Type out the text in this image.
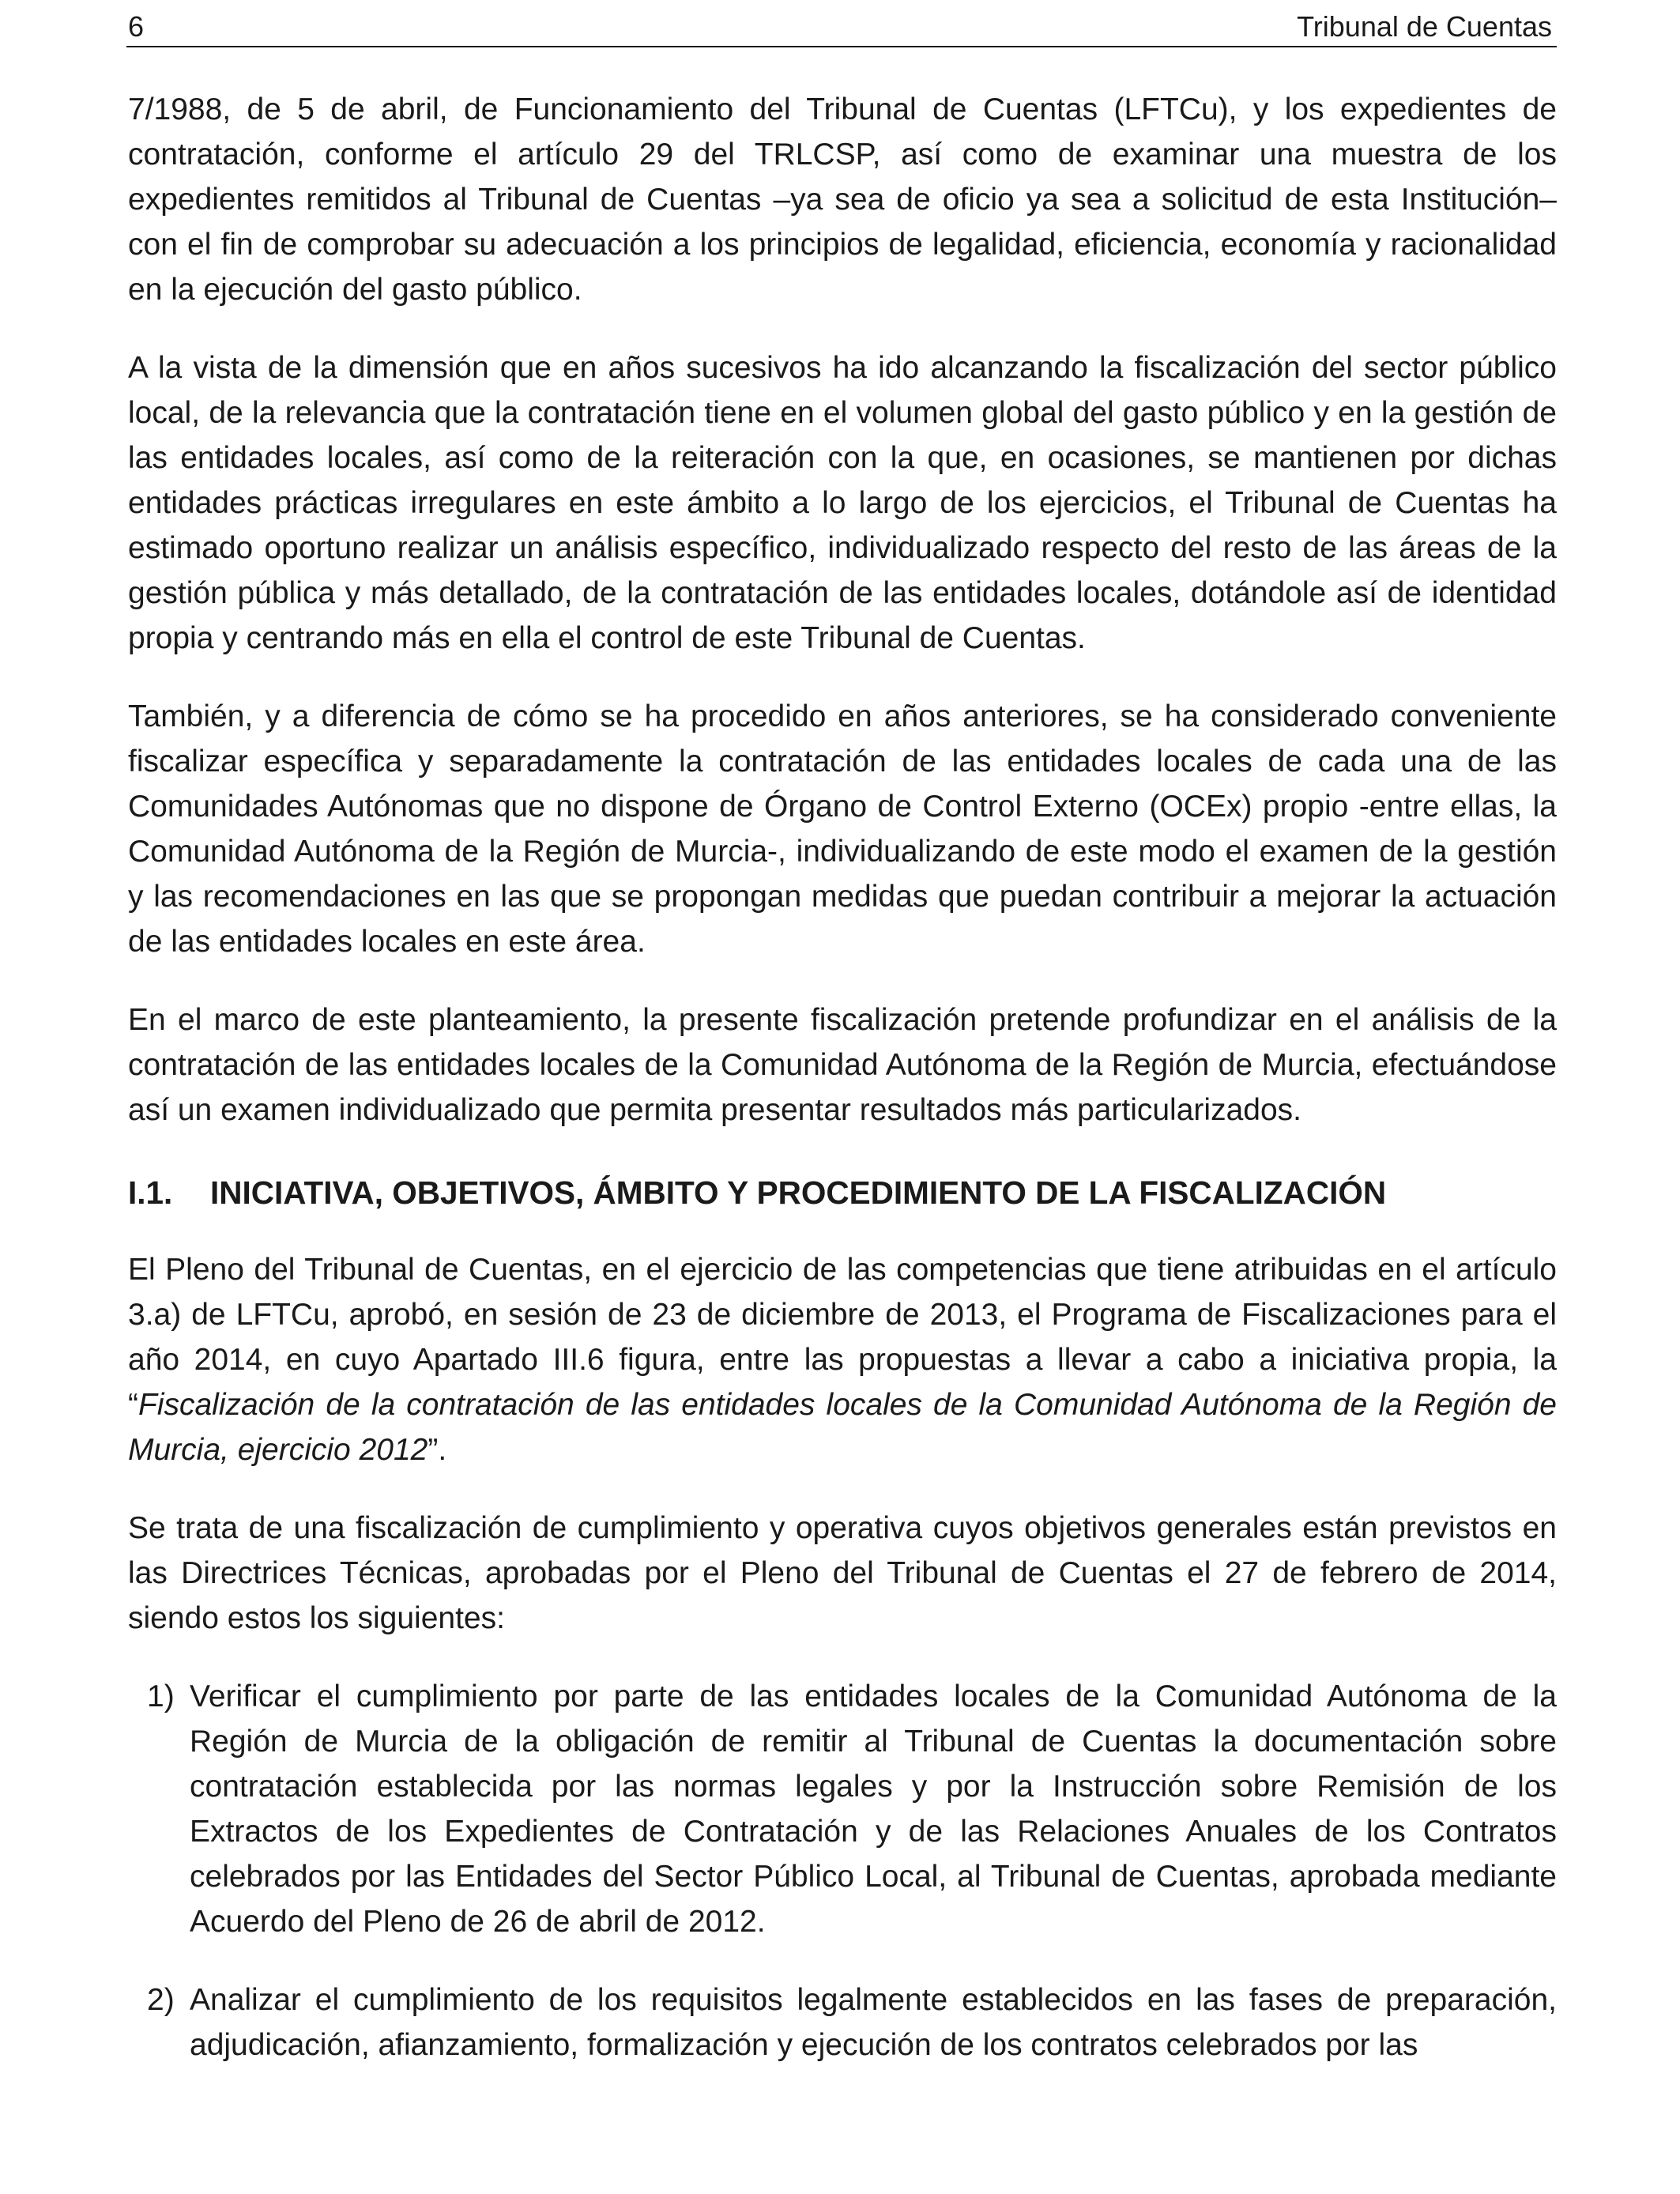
6	Tribunal de Cuentas

7/1988, de 5 de abril, de Funcionamiento del Tribunal de Cuentas (LFTCu), y los expedientes de contratación, conforme el artículo 29 del TRLCSP, así como de examinar una muestra de los expedientes remitidos al Tribunal de Cuentas –ya sea de oficio ya sea a solicitud de esta Institución– con el fin de comprobar su adecuación a los principios de legalidad, eficiencia, economía y racionalidad en la ejecución del gasto público.

A la vista de la dimensión que en años sucesivos ha ido alcanzando la fiscalización del sector público local, de la relevancia que la contratación tiene en el volumen global del gasto público y en la gestión de las entidades locales, así como de la reiteración con la que, en ocasiones, se mantienen por dichas entidades prácticas irregulares en este ámbito a lo largo de los ejercicios, el Tribunal de Cuentas ha estimado oportuno realizar un análisis específico, individualizado respecto del resto de las áreas de la gestión pública y más detallado, de la contratación de las entidades locales, dotándole así de identidad propia y centrando más en ella el control de este Tribunal de Cuentas.

También, y a diferencia de cómo se ha procedido en años anteriores, se ha considerado conveniente fiscalizar específica y separadamente la contratación de las entidades locales de cada una de las Comunidades Autónomas que no dispone de Órgano de Control Externo (OCEx) propio -entre ellas, la Comunidad Autónoma de la Región de Murcia-, individualizando de este modo el examen de la gestión y las recomendaciones en las que se propongan medidas que puedan contribuir a mejorar la actuación de las entidades locales en este área.

En el marco de este planteamiento, la presente fiscalización pretende profundizar en el análisis de la contratación de las entidades locales de la Comunidad Autónoma de la Región de Murcia, efectuándose así un examen individualizado que permita presentar resultados más particularizados.

I.1.	INICIATIVA, OBJETIVOS, ÁMBITO Y PROCEDIMIENTO DE LA FISCALIZACIÓN

El Pleno del Tribunal de Cuentas, en el ejercicio de las competencias que tiene atribuidas en el artículo 3.a) de LFTCu, aprobó, en sesión de 23 de diciembre de 2013, el Programa de Fiscalizaciones para el año 2014, en cuyo Apartado III.6 figura, entre las propuestas a llevar a cabo a iniciativa propia, la “Fiscalización de la contratación de las entidades locales de la Comunidad Autónoma de la Región de Murcia, ejercicio 2012”.

Se trata de una fiscalización de cumplimiento y operativa cuyos objetivos generales están previstos en las Directrices Técnicas, aprobadas por el Pleno del Tribunal de Cuentas el 27 de febrero de 2014, siendo estos los siguientes:

1) Verificar el cumplimiento por parte de las entidades locales de la Comunidad Autónoma de la Región de Murcia de la obligación de remitir al Tribunal de Cuentas la documentación sobre contratación establecida por las normas legales y por la Instrucción sobre Remisión de los Extractos de los Expedientes de Contratación y de las Relaciones Anuales de los Contratos celebrados por las Entidades del Sector Público Local, al Tribunal de Cuentas, aprobada mediante Acuerdo del Pleno de 26 de abril de 2012.
2) Analizar el cumplimiento de los requisitos legalmente establecidos en las fases de preparación, adjudicación, afianzamiento, formalización y ejecución de los contratos celebrados por las
